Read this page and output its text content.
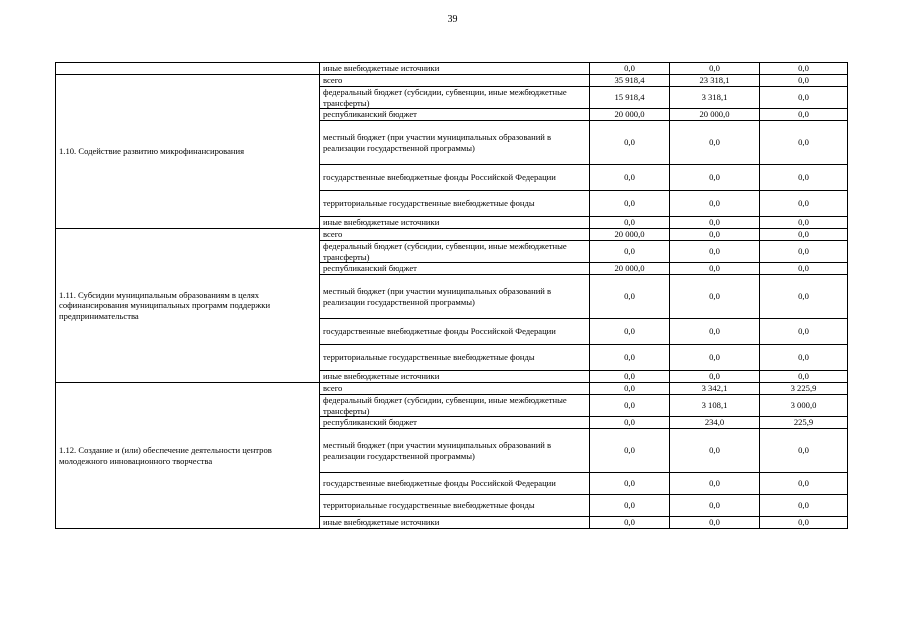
39
	иные внебюджетные источники	0,0	0,0	0,0
1.10. Содействие развитию микрофинансирования	всего	35 918,4	23 318,1	0,0
	федеральный бюджет (субсидии, субвенции, иные межбюджетные трансферты)	15 918,4	3 318,1	0,0
	республиканский бюджет	20 000,0	20 000,0	0,0
	местный бюджет (при участии муниципальных образований в реализации государственной программы)	0,0	0,0	0,0
	государственные внебюджетные фонды Российской Федерации	0,0	0,0	0,0
	территориальные государственные внебюджетные фонды	0,0	0,0	0,0
	иные внебюджетные источники	0,0	0,0	0,0
1.11. Субсидии муниципальным образованиям в целях софинансирования муниципальных программ поддержки предпринимательства	всего	20 000,0	0,0	0,0
	федеральный бюджет (субсидии, субвенции, иные межбюджетные трансферты)	0,0	0,0	0,0
	республиканский бюджет	20 000,0	0,0	0,0
	местный бюджет (при участии муниципальных образований в реализации государственной программы)	0,0	0,0	0,0
	государственные внебюджетные фонды Российской Федерации	0,0	0,0	0,0
	территориальные государственные внебюджетные фонды	0,0	0,0	0,0
	иные внебюджетные источники	0,0	0,0	0,0
1.12. Создание и (или) обеспечение деятельности центров молодежного инновационного творчества	всего	0,0	3 342,1	3 225,9
	федеральный бюджет (субсидии, субвенции, иные межбюджетные трансферты)	0,0	3 108,1	3 000,0
	республиканский бюджет	0,0	234,0	225,9
	местный бюджет (при участии муниципальных образований в реализации государственной программы)	0,0	0,0	0,0
	государственные внебюджетные фонды Российской Федерации	0,0	0,0	0,0
	территориальные государственные внебюджетные фонды	0,0	0,0	0,0
	иные внебюджетные источники	0,0	0,0	0,0
